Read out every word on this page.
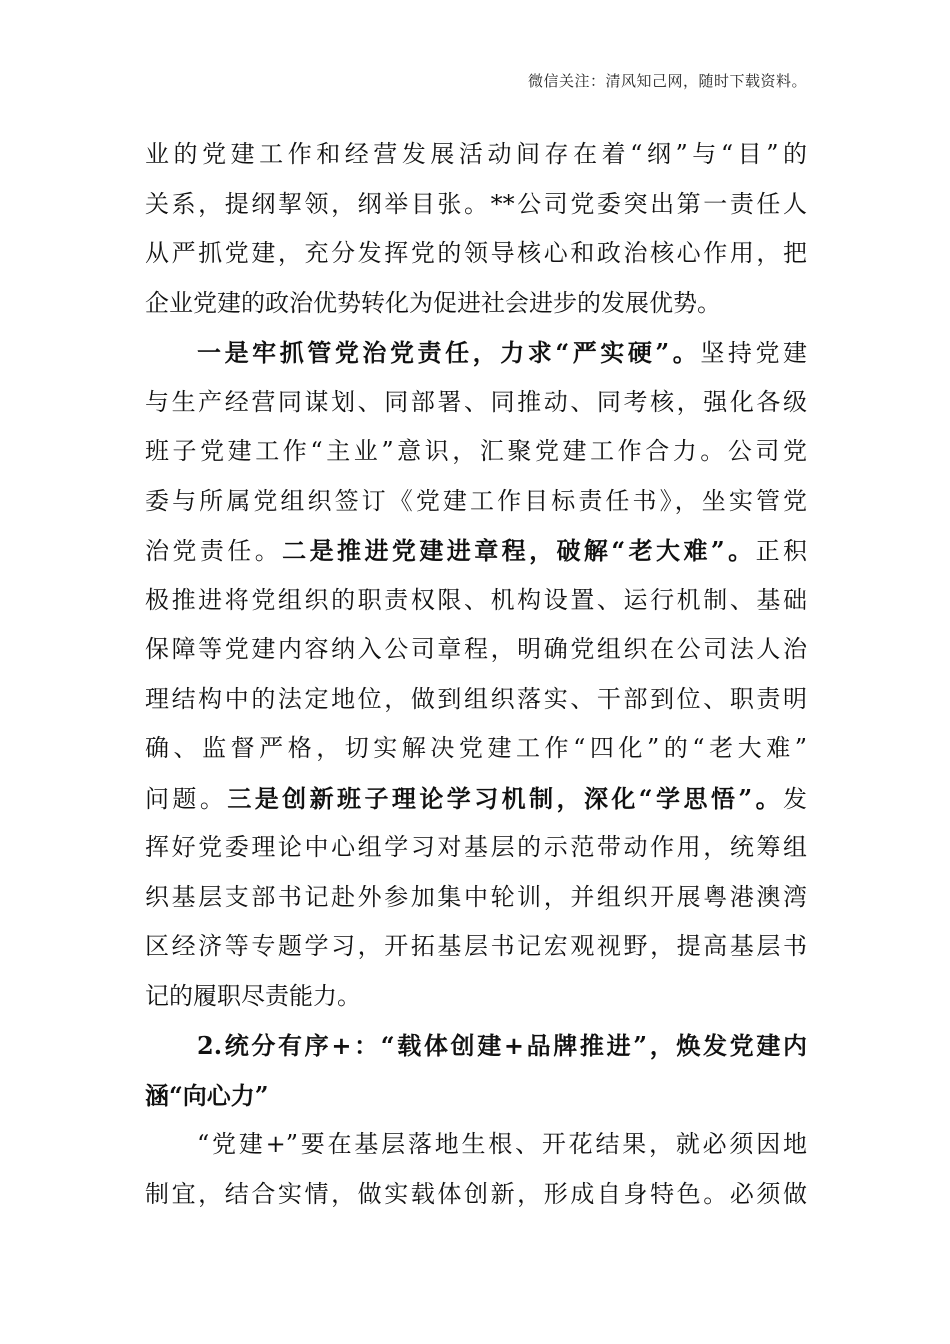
微信关注：清风知己网，随时下载资料。
业的党建工作和经营发展活动间存在着“纲”与“目”的
关系，提纲挈领，纲举目张。**公司党委突出第一责任人
从严抓党建，充分发挥党的领导核心和政治核心作用，把
企业党建的政治优势转化为促进社会进步的发展优势。
一是牢抓管党治党责任，力求“严实硬”。坚持党建
与生产经营同谋划、同部署、同推动、同考核，强化各级
班子党建工作“主业”意识，汇聚党建工作合力。公司党
委与所属党组织签订《党建工作目标责任书》，坐实管党
治党责任。二是推进党建进章程，破解“老大难”。正积
极推进将党组织的职责权限、机构设置、运行机制、基础
保障等党建内容纳入公司章程，明确党组织在公司法人治
理结构中的法定地位，做到组织落实、干部到位、职责明
确、监督严格，切实解决党建工作“四化”的“老大难”
问题。三是创新班子理论学习机制，深化“学思悟”。发
挥好党委理论中心组学习对基层的示范带动作用，统筹组
织基层支部书记赴外参加集中轮训，并组织开展粤港澳湾
区经济等专题学习，开拓基层书记宏观视野，提高基层书
记的履职尽责能力。
2.统分有序+：“载体创建+品牌推进”，焕发党建内
涵“向心力”
“党建+”要在基层落地生根、开花结果，就必须因地
制宜，结合实情，做实载体创新，形成自身特色。必须做
